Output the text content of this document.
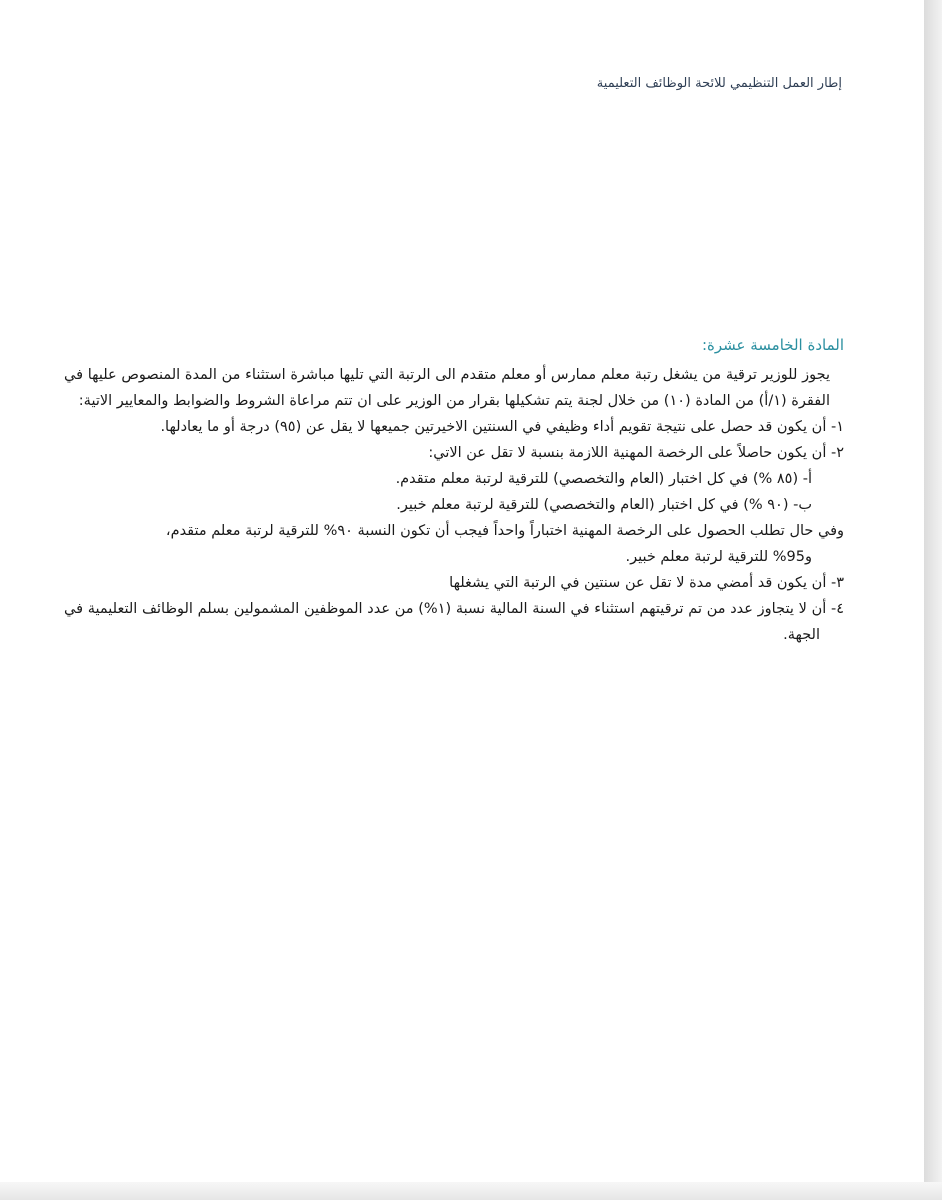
إطار العمل التنظيمي للائحة الوظائف التعليمية
المادة الخامسة عشرة:

يجوز للوزير ترقية من يشغل رتبة معلم ممارس أو معلم متقدم الى الرتبة التي تليها مباشرة استثناء من المدة المنصوص عليها في الفقرة (١/أ) من المادة (١٠) من خلال لجنة يتم تشكيلها بقرار من الوزير على ان تتم مراعاة الشروط والضوابط والمعايير الاتية:

١- أن يكون قد حصل على نتيجة تقويم أداء وظيفي في السنتين الاخيرتين جميعها لا يقل عن (٩٥) درجة أو ما يعادلها.

٢- أن يكون حاصلاً على الرخصة المهنية اللازمة بنسبة لا تقل عن الاتي:

أ- (٨٥ %) في كل اختبار (العام والتخصصي) للترقية لرتبة معلم متقدم.

ب- (٩٠ %) في كل اختبار (العام والتخصصي) للترقية لرتبة معلم خبير.

وفي حال تطلب الحصول على الرخصة المهنية اختباراً واحداً فيجب أن تكون النسبة ٩٠% للترقية لرتبة معلم متقدم،

و95% للترقية لرتبة معلم خبير.

٣- أن يكون قد أمضي مدة لا تقل عن سنتين في الرتبة التي يشغلها

٤- أن لا يتجاوز عدد من تم ترقيتهم استثناء في السنة المالية نسبة (١%) من عدد الموظفين المشمولين بسلم الوظائف التعليمية في الجهة.
